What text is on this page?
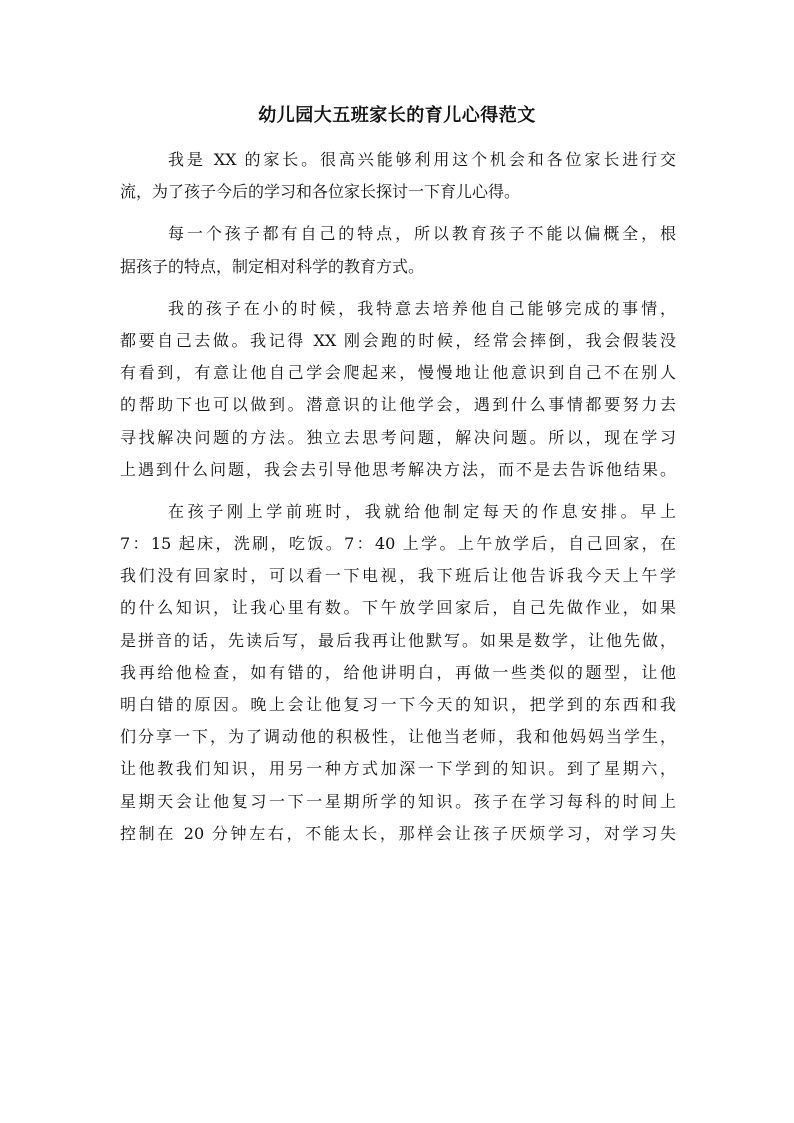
幼儿园大五班家长的育儿心得范文

我是 XX 的家长。很高兴能够利用这个机会和各位家长进行交
流，为了孩子今后的学习和各位家长探讨一下育儿心得。

每一个孩子都有自己的特点，所以教育孩子不能以偏概全，根
据孩子的特点，制定相对科学的教育方式。

我的孩子在小的时候，我特意去培养他自己能够完成的事情，
都要自己去做。我记得 XX 刚会跑的时候，经常会摔倒，我会假装没
有看到，有意让他自己学会爬起来，慢慢地让他意识到自己不在别人
的帮助下也可以做到。潜意识的让他学会，遇到什么事情都要努力去
寻找解决问题的方法。独立去思考问题，解决问题。所以，现在学习
上遇到什么问题，我会去引导他思考解决方法，而不是去告诉他结果。

在孩子刚上学前班时，我就给他制定每天的作息安排。早上
7：15 起床，洗刷，吃饭。7：40 上学。上午放学后，自己回家，在
我们没有回家时，可以看一下电视，我下班后让他告诉我今天上午学
的什么知识，让我心里有数。下午放学回家后，自己先做作业，如果
是拼音的话，先读后写，最后我再让他默写。如果是数学，让他先做，
我再给他检查，如有错的，给他讲明白，再做一些类似的题型，让他
明白错的原因。晚上会让他复习一下今天的知识，把学到的东西和我
们分享一下，为了调动他的积极性，让他当老师，我和他妈妈当学生，
让他教我们知识，用另一种方式加深一下学到的知识。到了星期六，
星期天会让他复习一下一星期所学的知识。孩子在学习每科的时间上
控制在 20 分钟左右，不能太长，那样会让孩子厌烦学习，对学习失
